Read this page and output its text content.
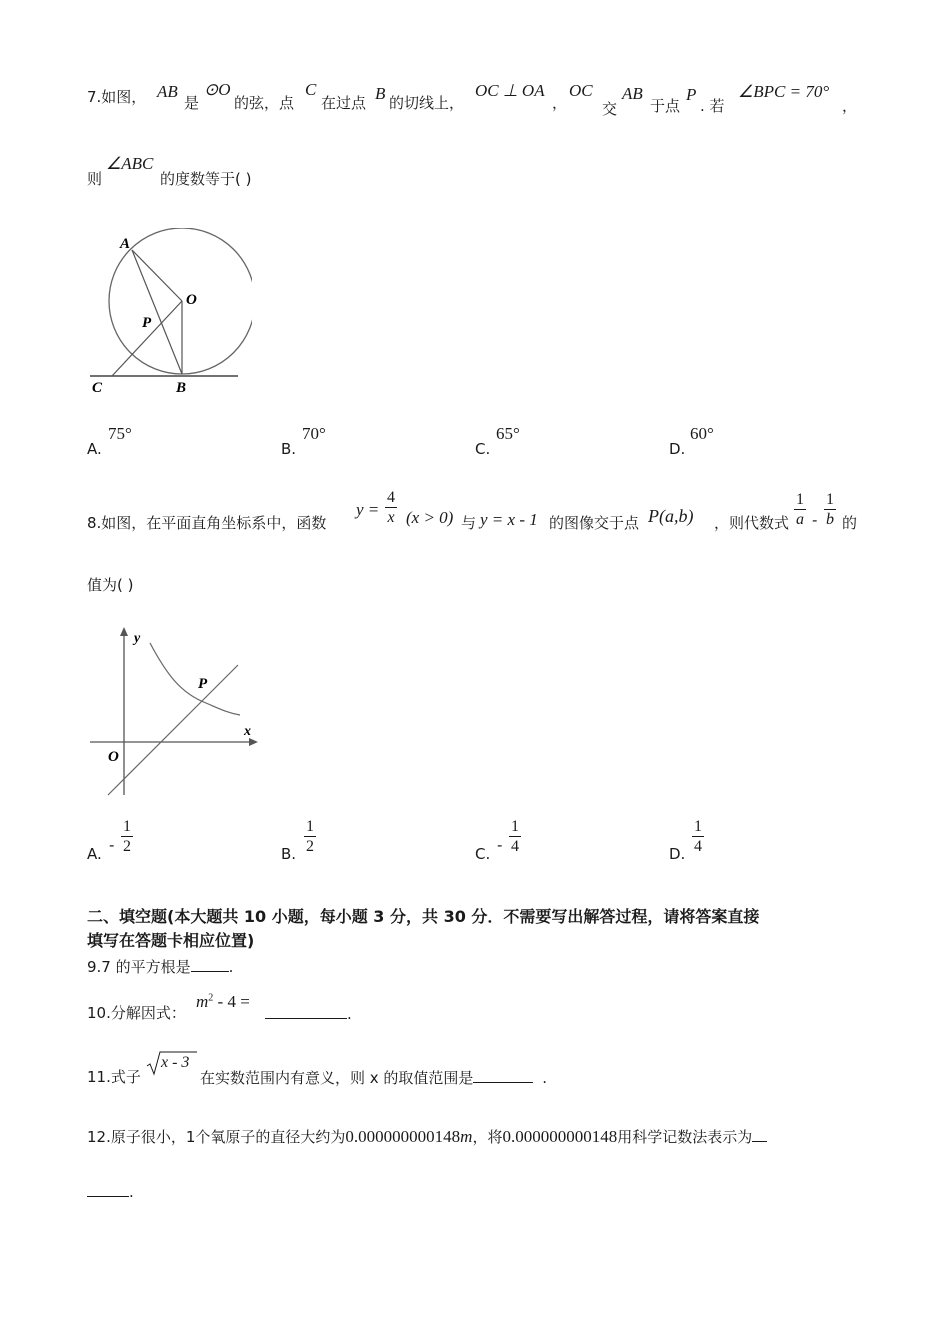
7.如图， AB
是
⊙O
的弦，点
C
在过点 B 的切线上，
OC ⊥ OA
，
OC
交
AB
于点
P
. 若
∠BPC = 70°
，
则
∠ABC
的度数等于( )
A
O
P
C	B
A.
75°
B.
70°
C.
65°
D.
60°
8.如图，在平面直角坐标系中，函数
y =
4
x (x > 0) 与 y = x - 1 的图像交于点 P(a,b) ，则代数式
1
a -
1
b 的
值为( )
y
x
O
P
A. -
1
2	B.
1
2	C. -
1
4	D.
1
4
二、填空题(本大题共 10 小题，每小题 3 分，共 30 分．不需要写出解答过程，请将答案直接
填写在答题卡相应位置)
9.7 的平方根是	.
10.分解因式：
$m^2 - 4$ =
.
11.式子
x - 3
在实数范围内有意义，则 x 的取值范围是	.
12.原子很小，1个氧原子的直径大约为0.000000000148m，将0.000000000148用科学记数法表示为
.
